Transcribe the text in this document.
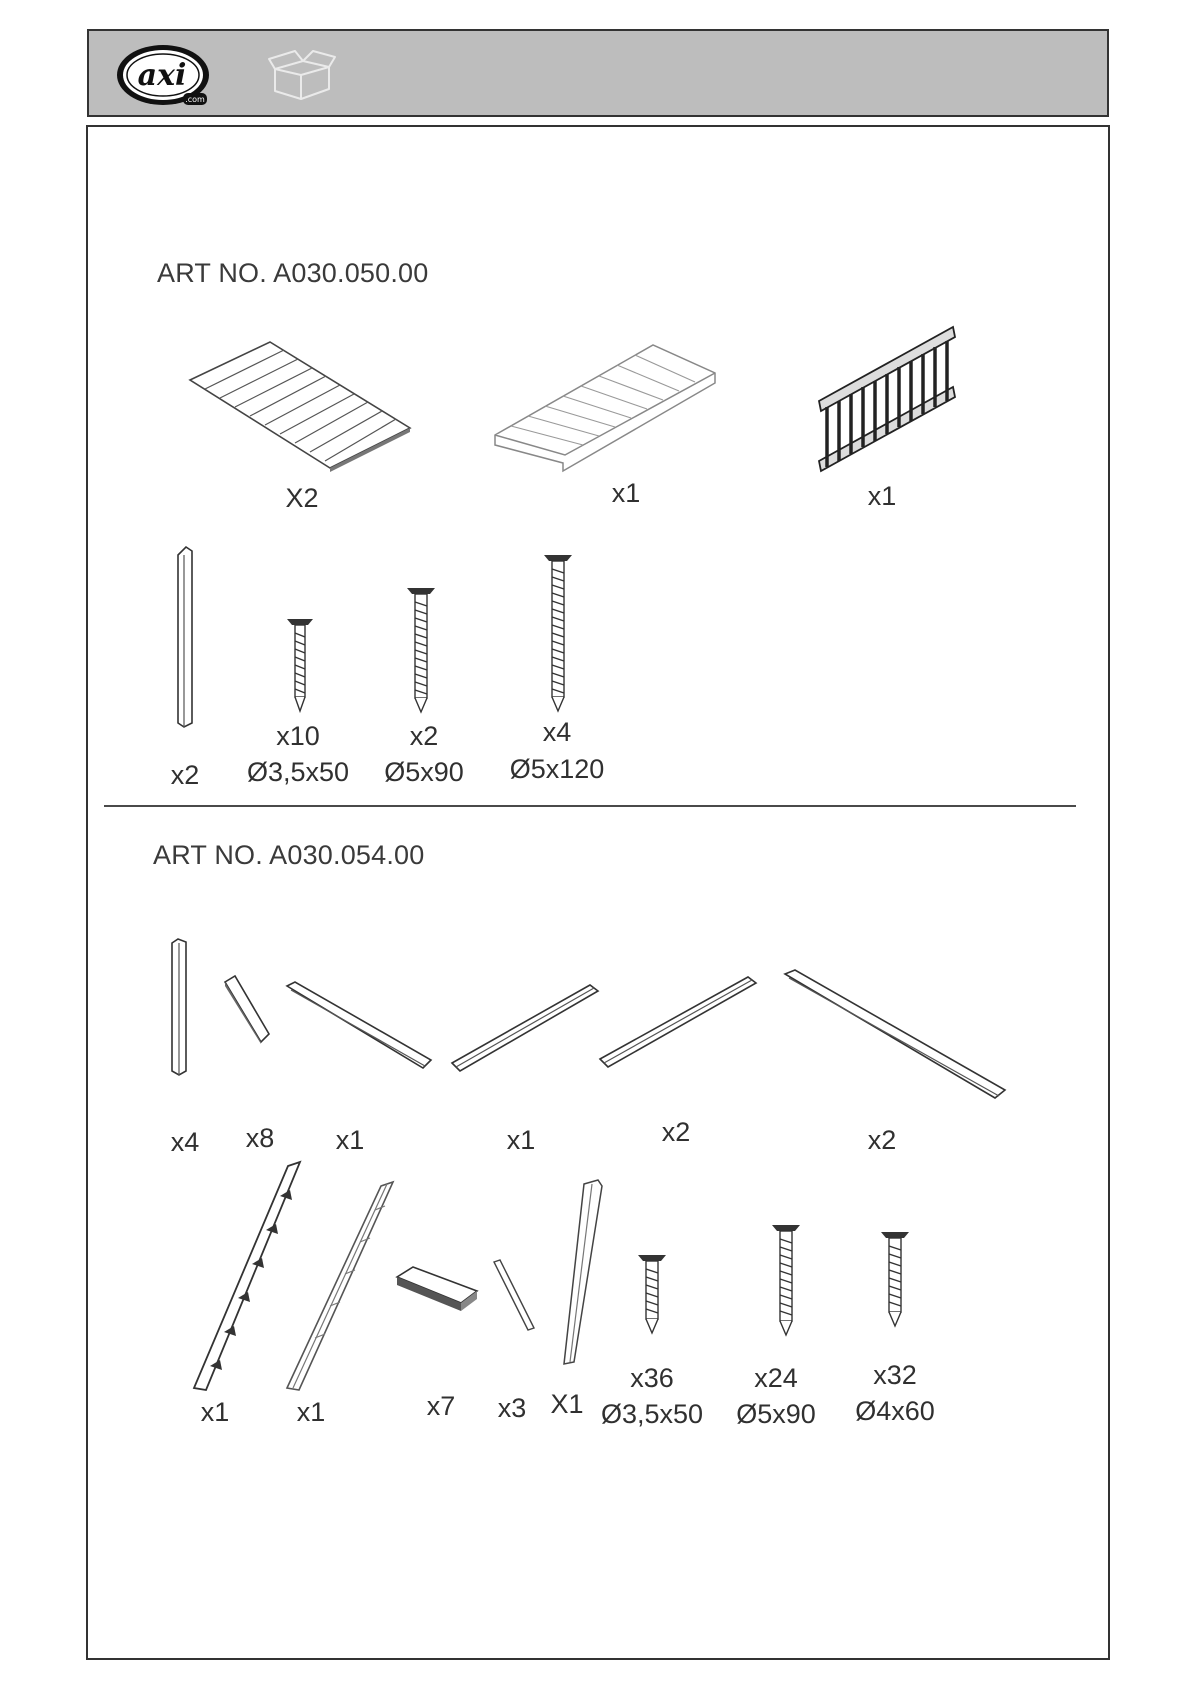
axi
.com
ART NO. A030.050.00
X2	x1	x1
x2
x10
Ø3,5x50
x2
Ø5x90
x4
Ø5x120
ART NO. A030.054.00
x4 x8 x1	x1	x2	x2
x1 x1	x7 x3 X1
x36
Ø3,5x50
x24
Ø5x90
x32
Ø4x60
